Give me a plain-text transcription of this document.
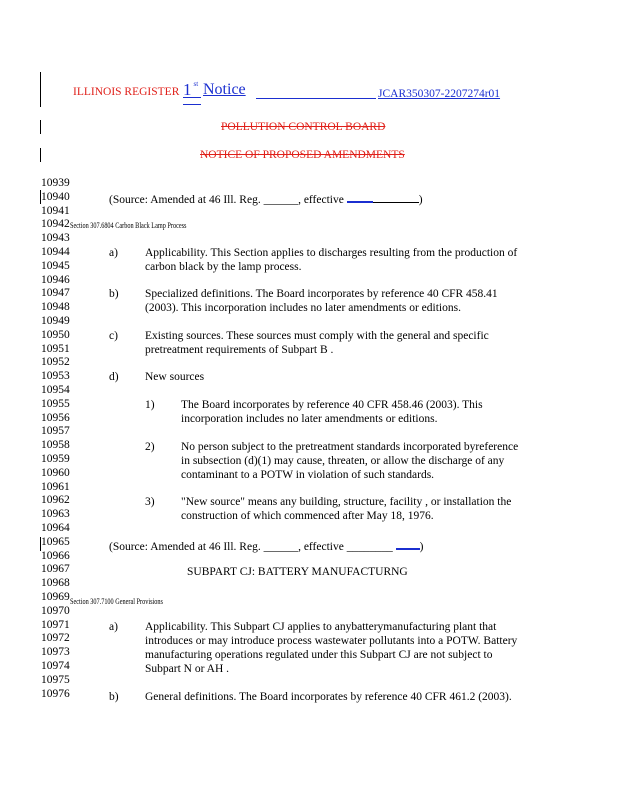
ILLINOIS REGISTER 1 $^{st}$ Notice	JCAR350307-2207274r01
POLLUTION CONTROL BOARD
NOTICE OF PROPOSED AMENDMENTS
10939
10940
10941
10942
10943
10944
10945
10946
10947
10948
10949
10950
10951
10952
10953
10954
10955
10956
10957
10958
10959
10960
10961
10962
10963
10964
10965
10966
10967
10968
10969
10970
10971
10972
10973
10974
10975
10976
(Source: Amended at 46 Ill. Reg. ______, effective	)
Section 307.6804 Carbon Black Lamp Process
a) Applicability. This Section applies to discharges resulting from the production of
carbon black by the lamp process.
b) Specialized definitions. The Board incorporates by reference 40 CFR 458.41
(2003). This incorporation includes no later amendments or editions.
c) Existing sources. These sources must comply with the general and specific
pretreatment requirements of Subpart B .
d) New sources
1) The Board incorporates by reference 40 CFR 458.46 (2003). This
incorporation includes no later amendments or editions.
2) No person subject to the pretreatment standards incorporated byreference
in subsection (d)(1) may cause, threaten, or allow the discharge of any
contaminant to a POTW in violation of such standards.
3) "New source" means any building, structure, facility , or installation the
construction of which commenced after May 18, 1976.
(Source: Amended at 46 Ill. Reg. ______, effective ________ )
SUBPART CJ: BATTERY MANUFACTURNG
Section 307.7100 General Provisions
a) Applicability. This Subpart CJ applies to anybatterymanufacturing plant that
introduces or may introduce process wastewater pollutants into a POTW. Battery
manufacturing operations regulated under this Subpart CJ are not subject to
Subpart N or AH .
b) General definitions. The Board incorporates by reference 40 CFR 461.2 (2003).
